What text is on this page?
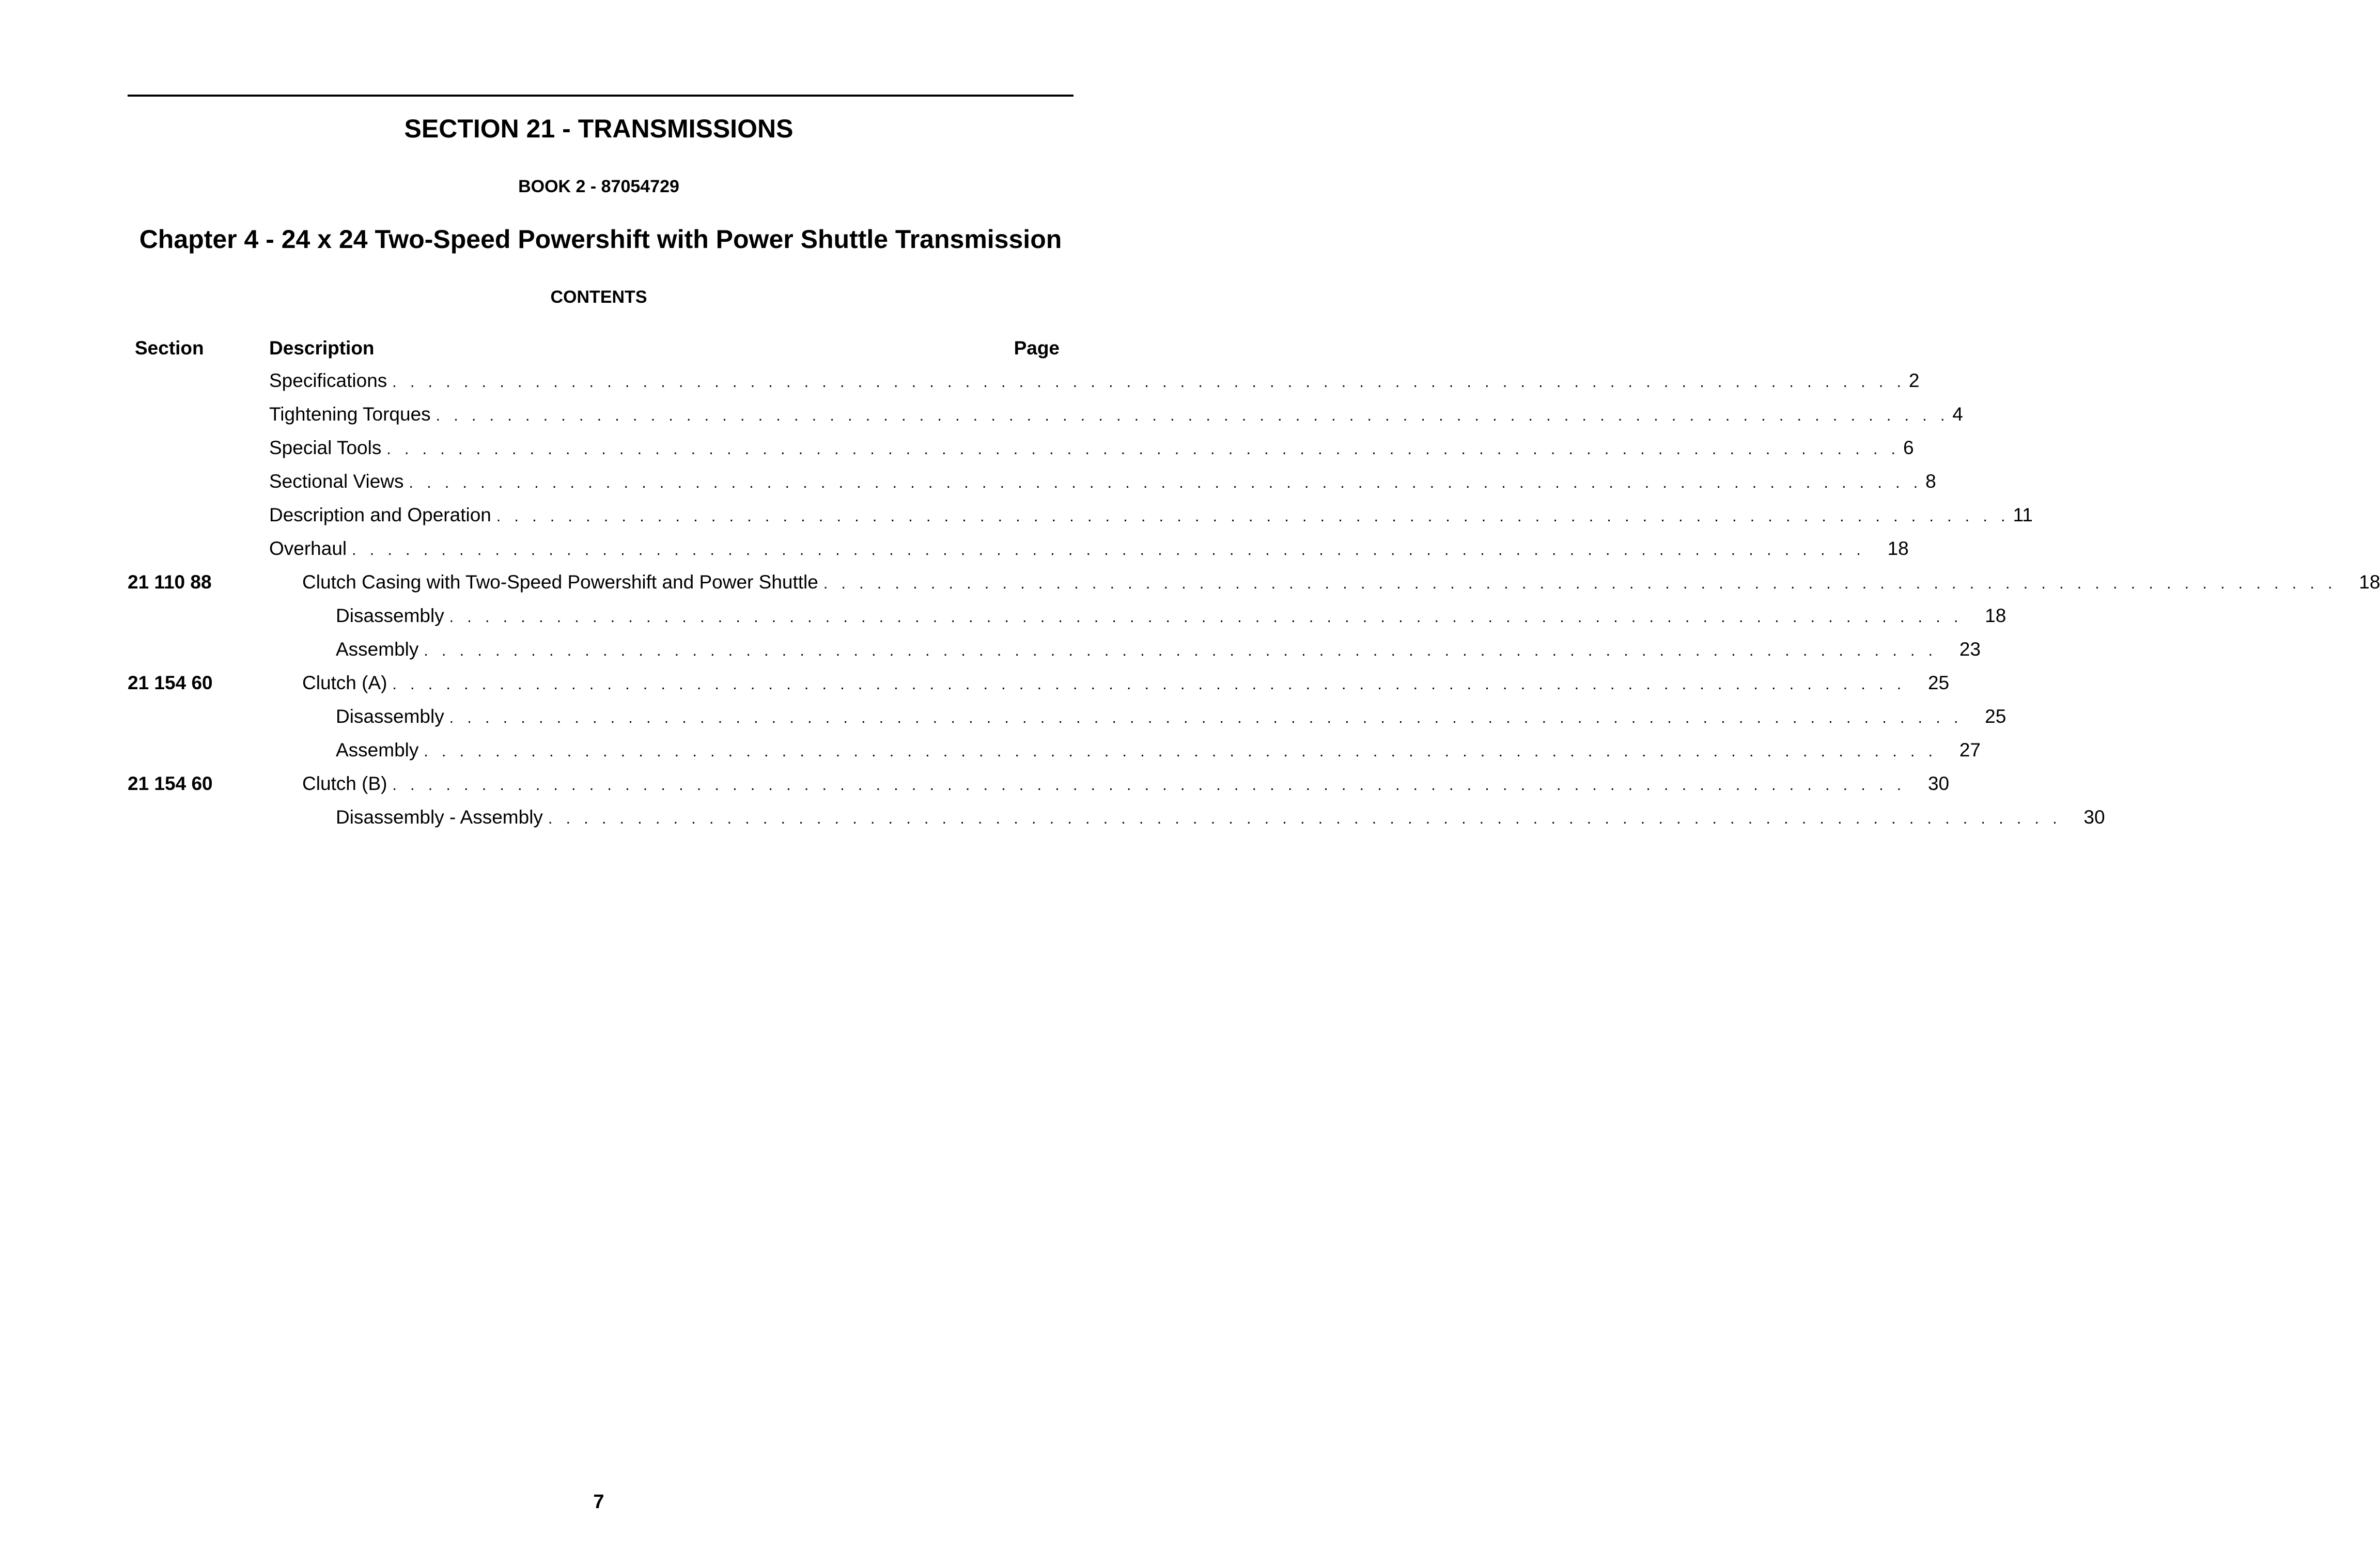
SECTION 21 - TRANSMISSIONS
BOOK 2 - 87054729
Chapter 4 - 24 x 24 Two-Speed Powershift with Power Shuttle Transmission
CONTENTS
Section	Description	Page
Specifications . . . . . . . . . . . . . . . . . . . . . . . . . . . . . . . . . . . . . . . . . . . . . . . . . . . . . . . . . . . . . . . . . . . . . . . . . . . . . . . . . . . . . 2
Tightening Torques . . . . . . . . . . . . . . . . . . . . . . . . . . . . . . . . . . . . . . . . . . . . . . . . . . . . . . . . . . . . . . . . . . . . . . . . . . . . . . . . . . . . . 4
Special Tools . . . . . . . . . . . . . . . . . . . . . . . . . . . . . . . . . . . . . . . . . . . . . . . . . . . . . . . . . . . . . . . . . . . . . . . . . . . . . . . . . . . . . 6
Sectional Views . . . . . . . . . . . . . . . . . . . . . . . . . . . . . . . . . . . . . . . . . . . . . . . . . . . . . . . . . . . . . . . . . . . . . . . . . . . . . . . . . . . . . 8
Description and Operation . . . . . . . . . . . . . . . . . . . . . . . . . . . . . . . . . . . . . . . . . . . . . . . . . . . . . . . . . . . . . . . . . . . . . . . . . . . . . . . . . . . . . 11
Overhaul . . . . . . . . . . . . . . . . . . . . . . . . . . . . . . . . . . . . . . . . . . . . . . . . . . . . . . . . . . . . . . . . . . . . . . . . . . . . . . . . . . . . .	18
21 110 88	Clutch Casing with Two-Speed Powershift and Power Shuttle . . . . . . . . . . . . . . . . . . . . . . . . . . . . . . . . . . . . . . . . . . . . . . . . . . . . . . . . . . . . . . . . . . . . . . . . . . . . . . . . . . . . .	18
Disassembly . . . . . . . . . . . . . . . . . . . . . . . . . . . . . . . . . . . . . . . . . . . . . . . . . . . . . . . . . . . . . . . . . . . . . . . . . . . . . . . . . . . . .	18
Assembly . . . . . . . . . . . . . . . . . . . . . . . . . . . . . . . . . . . . . . . . . . . . . . . . . . . . . . . . . . . . . . . . . . . . . . . . . . . . . . . . . . . . .	23
21 154 60	Clutch (A) . . . . . . . . . . . . . . . . . . . . . . . . . . . . . . . . . . . . . . . . . . . . . . . . . . . . . . . . . . . . . . . . . . . . . . . . . . . . . . . . . . . . .	25
Disassembly . . . . . . . . . . . . . . . . . . . . . . . . . . . . . . . . . . . . . . . . . . . . . . . . . . . . . . . . . . . . . . . . . . . . . . . . . . . . . . . . . . . . .	25
Assembly . . . . . . . . . . . . . . . . . . . . . . . . . . . . . . . . . . . . . . . . . . . . . . . . . . . . . . . . . . . . . . . . . . . . . . . . . . . . . . . . . . . . .	27
21 154 60	Clutch (B) . . . . . . . . . . . . . . . . . . . . . . . . . . . . . . . . . . . . . . . . . . . . . . . . . . . . . . . . . . . . . . . . . . . . . . . . . . . . . . . . . . . . .	30
Disassembly - Assembly . . . . . . . . . . . . . . . . . . . . . . . . . . . . . . . . . . . . . . . . . . . . . . . . . . . . . . . . . . . . . . . . . . . . . . . . . . . . . . . . . . . . .	30
7
